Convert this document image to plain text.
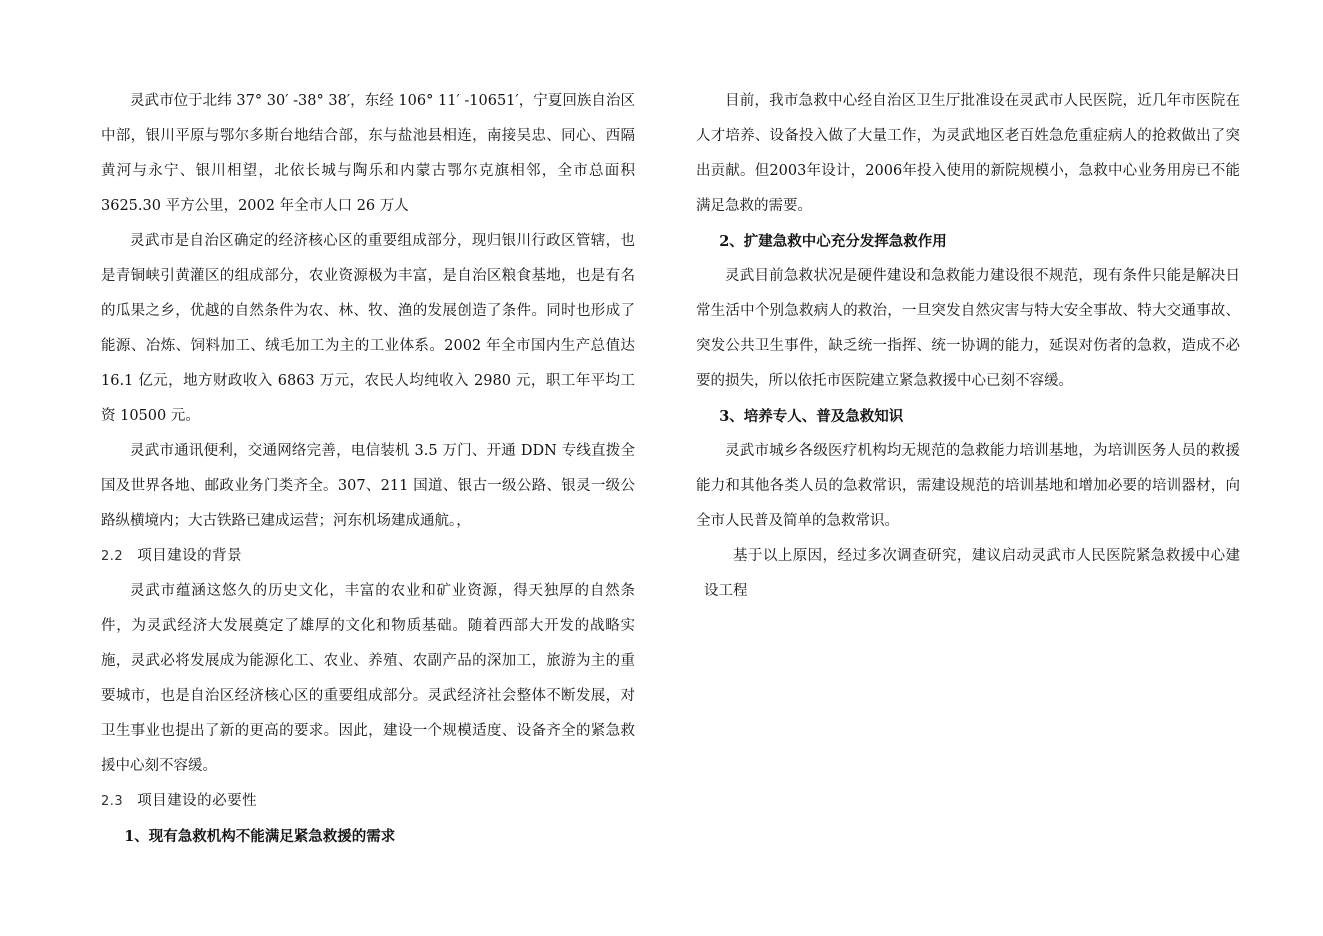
灵武市位于北纬 37° 30′ -38° 38′，东经 106° 11′ -10651′，宁夏回族自治区中部，银川平原与鄂尔多斯台地结合部，东与盐池县相连，南接吴忠、同心、西隔黄河与永宁、银川相望，北依长城与陶乐和内蒙古鄂尔克旗相邻，全市总面积 3625.30 平方公里，2002 年全市人口 26 万人

灵武市是自治区确定的经济核心区的重要组成部分，现归银川行政区管辖，也是青铜峡引黄灌区的组成部分，农业资源极为丰富，是自治区粮食基地，也是有名的瓜果之乡，优越的自然条件为农、林、牧、渔的发展创造了条件。同时也形成了能源、冶炼、饲料加工、绒毛加工为主的工业体系。2002 年全市国内生产总值达 16.1 亿元，地方财政收入 6863 万元，农民人均纯收入 2980 元，职工年平均工资 10500 元。

灵武市通讯便利，交通网络完善，电信装机 3.5 万门、开通 DDN 专线直拨全国及世界各地、邮政业务门类齐全。307、211 国道、银古一级公路、银灵一级公路纵横境内；大古铁路已建成运营；河东机场建成通航。，

2.2 项目建设的背景

灵武市蕴涵这悠久的历史文化，丰富的农业和矿业资源，得天独厚的自然条件，为灵武经济大发展奠定了雄厚的文化和物质基础。随着西部大开发的战略实施，灵武必将发展成为能源化工、农业、养殖、农副产品的深加工，旅游为主的重要城市，也是自治区经济核心区的重要组成部分。灵武经济社会整体不断发展，对卫生事业也提出了新的更高的要求。因此，建设一个规模适度、设备齐全的紧急救援中心刻不容缓。

2.3 项目建设的必要性
1、现有急救机构不能满足紧急救援的需求

目前，我市急救中心经自治区卫生厅批准设在灵武市人民医院，近几年市医院在人才培养、设备投入做了大量工作，为灵武地区老百姓急危重症病人的抢救做出了突出贡献。但2003年设计，2006年投入使用的新院规模小，急救中心业务用房已不能满足急救的需要。

2、扩建急救中心充分发挥急救作用

灵武目前急救状况是硬件建设和急救能力建设很不规范，现有条件只能是解决日常生活中个别急救病人的救治，一旦突发自然灾害与特大安全事故、特大交通事故、突发公共卫生事件，缺乏统一指挥、统一协调的能力，延误对伤者的急救，造成不必要的损失，所以依托市医院建立紧急救援中心已刻不容缓。

3、培养专人、普及急救知识

灵武市城乡各级医疗机构均无规范的急救能力培训基地，为培训医务人员的救援能力和其他各类人员的急救常识，需建设规范的培训基地和增加必要的培训器材，向全市人民普及简单的急救常识。

基于以上原因，经过多次调查研究，建议启动灵武市人民医院紧急救援中心建设工程
